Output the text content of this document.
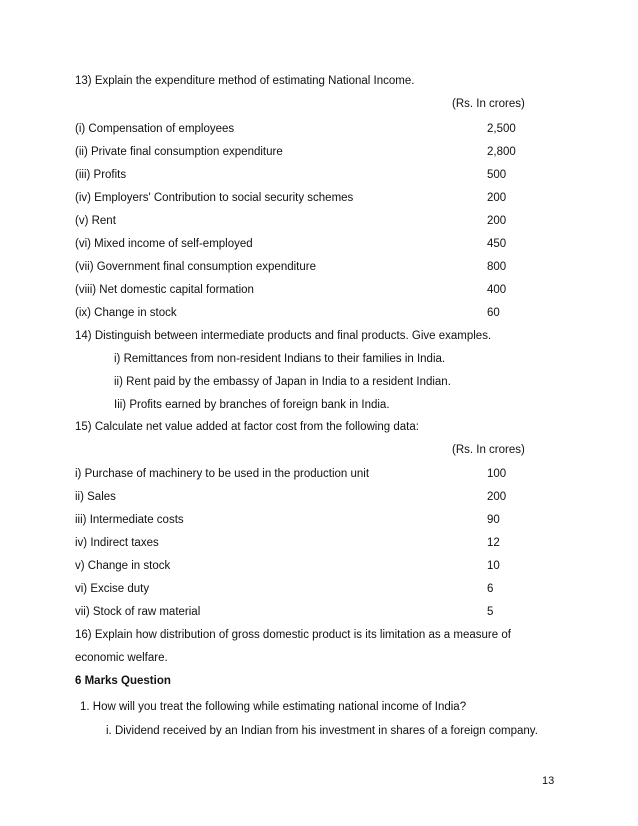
13) Explain the expenditure method of estimating National Income.
(Rs. In crores)
(i) Compensation of employees	2,500
(ii) Private final consumption expenditure	2,800
(iii) Profits	500
(iv) Employers' Contribution to social security schemes	200
(v) Rent	200
(vi) Mixed income of self-employed	450
(vii) Government final consumption expenditure	800
(viii) Net domestic capital formation	400
(ix) Change in stock	60
14) Distinguish between intermediate products and final products. Give examples.
i) Remittances from non-resident Indians to their families in India.
ii) Rent paid by the embassy of Japan in India to a resident Indian.
Iii) Profits earned by branches of foreign bank in India.
15) Calculate net value added at factor cost from the following data:
(Rs. In crores)
i) Purchase of machinery to be used in the production unit	100
ii) Sales	200
iii) Intermediate costs	90
iv) Indirect taxes	12
v) Change in stock	10
vi) Excise duty	6
vii) Stock of raw material	5
16) Explain how distribution of gross domestic product is its limitation as a measure of
economic welfare.
6 Marks Question
1. How will you treat the following while estimating national income of India?
i. Dividend received by an Indian from his investment in shares of a foreign company.
13
